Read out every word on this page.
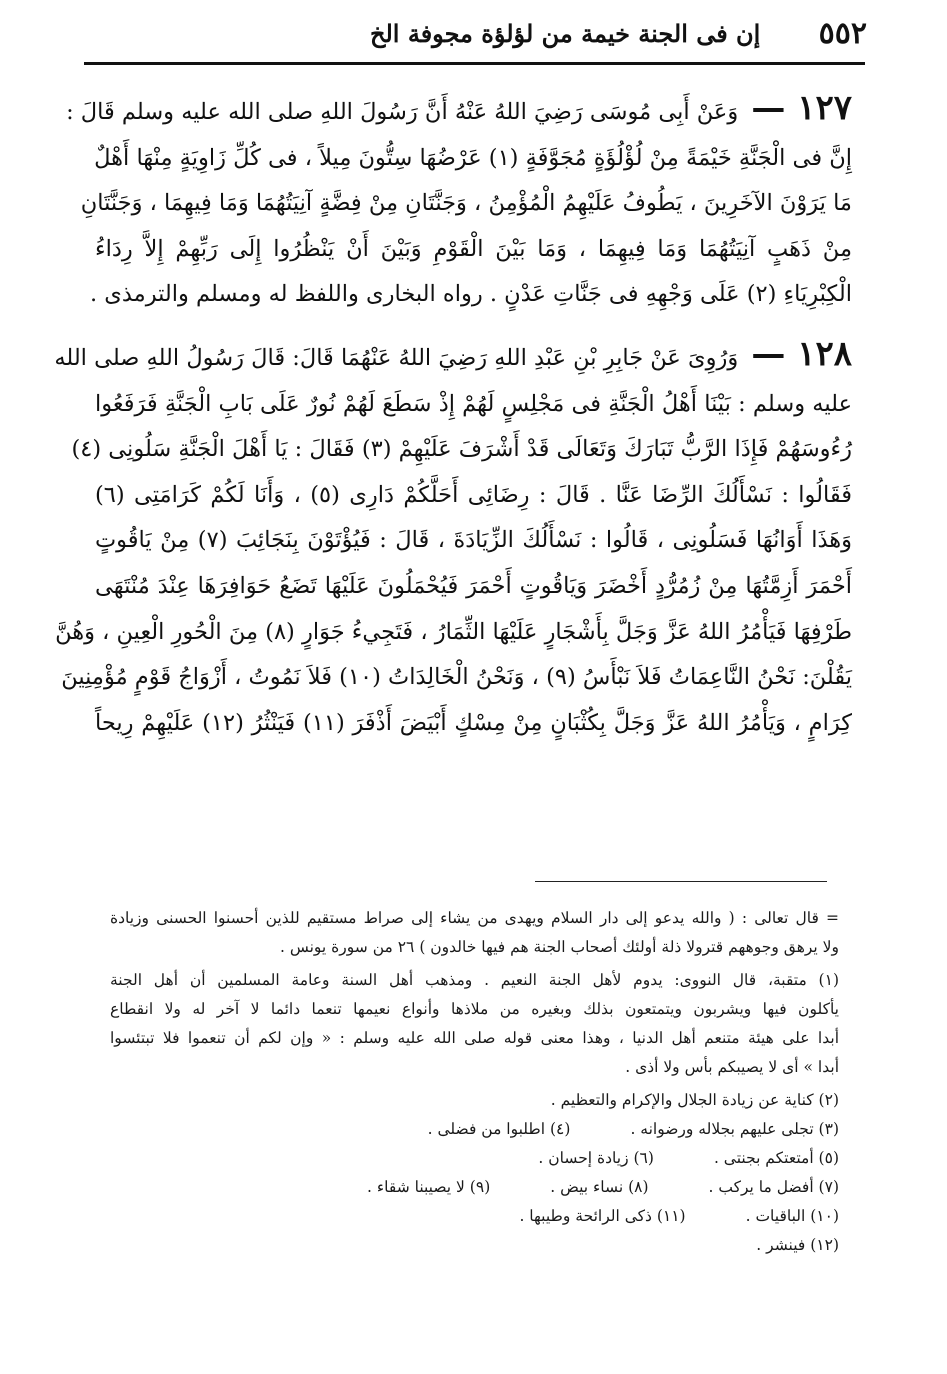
٥٥٢
إن فى الجنة خيمة من لؤلؤة مجوفة الخ
١٢٧ — وَعَنْ أَبِى مُوسَى رَضِيَ اللهُ عَنْهُ أَنَّ رَسُولَ اللهِ صلى الله عليه وسلم قَالَ :
إِنَّ فى الْجَنَّةِ خَيْمَةً مِنْ لُؤْلُؤَةٍ مُجَوَّفَةٍ (١) عَرْضُهَا سِتُّونَ مِيلاً ، فى كُلِّ زَاوِيَةٍ مِنْهَا أَهْلٌ
مَا يَرَوْنَ الآخَرِينَ ، يَطُوفُ عَلَيْهِمُ الْمُؤْمِنُ ، وَجَنَّتَانِ مِنْ فِضَّةٍ آنِيَتُهُمَا وَمَا فِيهِمَا ، وَجَنَّتَانِ
مِنْ ذَهَبٍ آنِيَتُهُمَا وَمَا فِيهِمَا ، وَمَا بَيْنَ الْقَوْمِ وَبَيْنَ أَنْ يَنْظُرُوا إِلَى رَبِّهِمْ إِلاَّ رِدَاءُ
الْكِبْرِيَاءِ (٢) عَلَى وَجْهِهِ فى جَنَّاتِ عَدْنٍ . رواه البخارى واللفظ له ومسلم والترمذى .
١٢٨ — وَرُوِىَ عَنْ جَابِرِ بْنِ عَبْدِ اللهِ رَضِيَ اللهُ عَنْهُمَا قَالَ: قَالَ رَسُولُ اللهِ صلى الله
عليه وسلم : بَيْنَا أَهْلُ الْجَنَّةِ فى مَجْلِسٍ لَهُمْ إِذْ سَطَعَ لَهُمْ نُورٌ عَلَى بَابِ الْجَنَّةِ فَرَفَعُوا
رُءُوسَهُمْ فَإِذَا الرَّبُّ تَبَارَكَ وَتَعَالَى قَدْ أَشْرَفَ عَلَيْهِمْ (٣) فَقَالَ : يَا أَهْلَ الْجَنَّةِ سَلُونِى (٤)
فَقَالُوا : نَسْأَلُكَ الرِّضَا عَنَّا . قَالَ : رِضَائِى أَحَلَّكُمْ دَارِى (٥) ، وَأَنَا لَكُمْ كَرَامَتِى (٦)
وَهَذَا أَوَانُهَا فَسَلُونِى ، قَالُوا : نَسْأَلُكَ الزِّيَادَةَ ، قَالَ : فَيُؤْتَوْنَ بِنَجَائِبَ (٧) مِنْ يَاقُوتٍ
أَحْمَرَ أَزِمَّتُهَا مِنْ زُمُرُّدٍ أَخْضَرَ وَيَاقُوتٍ أَحْمَرَ فَيُحْمَلُونَ عَلَيْهَا تَضَعُ حَوَافِرَهَا عِنْدَ مُنْتَهَى
طَرْفِهَا فَيَأْمُرُ اللهُ عَزَّ وَجَلَّ بِأَشْجَارٍ عَلَيْهَا الثِّمَارُ ، فَتَجِيءُ جَوَارٍ (٨) مِنَ الْحُورِ الْعِينِ ، وَهُنَّ
يَقُلْنَ: نَحْنُ النَّاعِمَاتُ فَلاَ نَبْأَسُ (٩) ، وَنَحْنُ الْخَالِدَاتُ (١٠) فَلاَ نَمُوتُ ، أَزْوَاجُ قَوْمٍ مُؤْمِنِينَ
كِرَامٍ ، وَيَأْمُرُ اللهُ عَزَّ وَجَلَّ بِكُثْبَانٍ مِنْ مِسْكٍ أَبْيَضَ أَذْفَرَ (١١) فَيَنْثُرُ (١٢) عَلَيْهِمْ رِيحاً
= قال تعالى : ( والله يدعو إلى دار السلام ويهدى من يشاء إلى صراط مستقيم للذين أحسنوا الحسنى وزيادة
ولا يرهق وجوههم قترولا ذلة أولئك أصحاب الجنة هم فيها خالدون ) ٢٦ من سورة يونس .
(١) متقبة، قال النووى: يدوم لأهل الجنة النعيم . ومذهب أهل السنة وعامة المسلمين أن أهل الجنة
يأكلون فيها ويشربون ويتمتعون بذلك وبغيره من ملاذها وأنواع نعيمها تنعما دائما لا آخر له ولا انقطاع
أبدا على هيئة متنعم أهل الدنيا ، وهذا معنى قوله صلى الله عليه وسلم : « وإن لكم أن تنعموا فلا تبتئسوا
أبدا » أى لا يصيبكم بأس ولا أذى .
(٢) كناية عن زيادة الجلال والإكرام والتعظيم .
(٣) تجلى عليهم بجلاله ورضوانه .
(٤) اطلبوا من فضلى .
(٥) أمتعتكم بجنتى .
(٦) زيادة إحسان .
(٧) أفضل ما يركب .
(٨) نساء بيض .
(٩) لا يصيبنا شقاء .
(١٠) الباقيات .
(١١) ذكى الرائحة وطيبها .
(١٢) فينشر .
